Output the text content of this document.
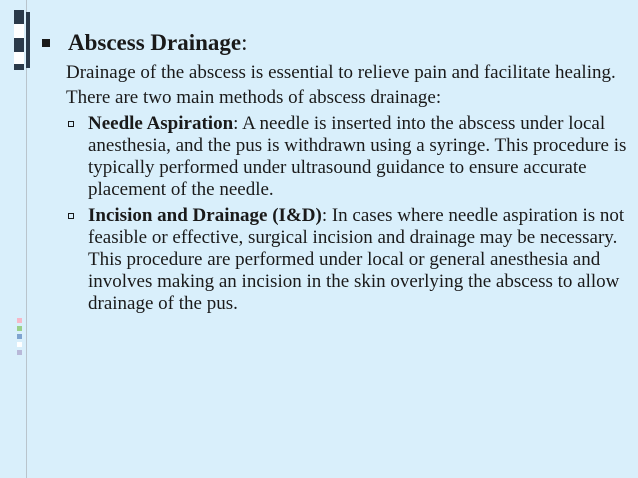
Abscess Drainage:

Drainage of the abscess is essential to relieve pain and facilitate healing.

There are two main methods of abscess drainage:

Needle Aspiration: A needle is inserted into the abscess under local anesthesia, and the pus is withdrawn using a syringe. This procedure is typically performed under ultrasound guidance to ensure accurate placement of the needle.
Incision and Drainage (I&D): In cases where needle aspiration is not feasible or effective, surgical incision and drainage may be necessary. This procedure are performed under local or general anesthesia and involves making an incision in the skin overlying the abscess to allow drainage of the pus.
